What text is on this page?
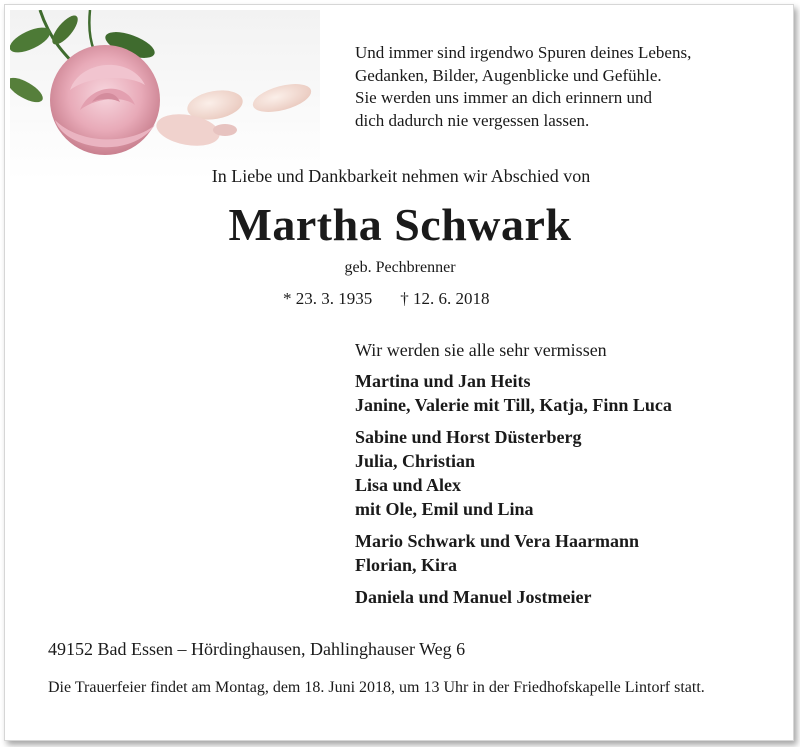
Und immer sind irgendwo Spuren deines Lebens,
Gedanken, Bilder, Augenblicke und Gefühle.
Sie werden uns immer an dich erinnern und
dich dadurch nie vergessen lassen.
In Liebe und Dankbarkeit nehmen wir Abschied von
Martha Schwark
geb. Pechbrenner
* 23. 3. 1935 † 12. 6. 2018
Wir werden sie alle sehr vermissen
Martina und Jan Heits
Janine, Valerie mit Till, Katja, Finn Luca
Sabine und Horst Düsterberg
Julia, Christian
Lisa und Alex
mit Ole, Emil und Lina
Mario Schwark und Vera Haarmann
Florian, Kira
Daniela und Manuel Jostmeier
49152 Bad Essen – Hördinghausen, Dahlinghauser Weg 6
Die Trauerfeier findet am Montag, dem 18. Juni 2018, um 13 Uhr in der Friedhofskapelle Lintorf statt.
